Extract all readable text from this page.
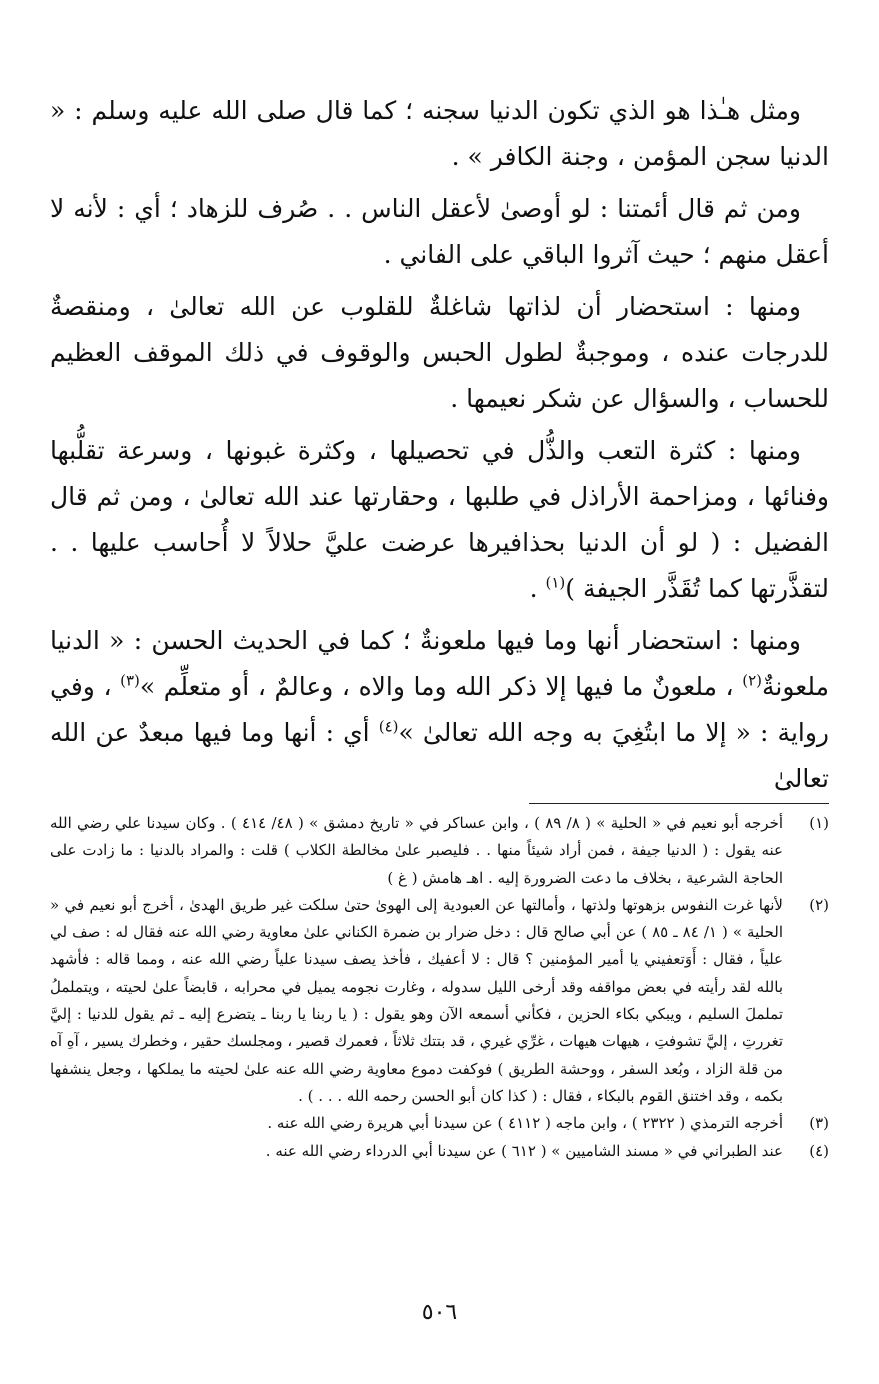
ومثل هـٰذا هو الذي تكون الدنيا سجنه ؛ كما قال صلى الله عليه وسلم : « الدنيا سجن المؤمن ، وجنة الكافر » .

ومن ثم قال أئمتنا : لو أوصىٰ لأعقل الناس . . صُرف للزهاد ؛ أي : لأنه لا أعقل منهم ؛ حيث آثروا الباقي على الفاني .

ومنها : استحضار أن لذاتها شاغلةٌ للقلوب عن الله تعالىٰ ، ومنقصةٌ للدرجات عنده ، وموجبةٌ لطول الحبس والوقوف في ذلك الموقف العظيم للحساب ، والسؤال عن شكر نعيمها .

ومنها : كثرة التعب والذُّل في تحصيلها ، وكثرة غبونها ، وسرعة تقلُّبها وفنائها ، ومزاحمة الأراذل في طلبها ، وحقارتها عند الله تعالىٰ ، ومن ثم قال الفضيل : ( لو أن الدنيا بحذافيرها عرضت عليَّ حلالاً لا أُحاسب عليها . . لتقذَّرتها كما تُقَذَّر الجيفة )$^{(١)}$ .

ومنها : استحضار أنها وما فيها ملعونةٌ ؛ كما في الحديث الحسن : « الدنيا ملعونةٌ$^{(٢)}$ ، ملعونٌ ما فيها إلا ذكر الله وما والاه ، وعالمٌ ، أو متعلِّم »$^{(٣)}$ ، وفي رواية : « إلا ما ابتُغِيَ به وجه الله تعالىٰ »$^{(٤)}$ أي : أنها وما فيها مبعدٌ عن الله تعالىٰ

(١)
أخرجه أبو نعيم في « الحلية » ( ٨/ ٨٩ ) ، وابن عساكر في « تاريخ دمشق » ( ٤٨/ ٤١٤ ) . وكان سيدنا علي رضي الله عنه يقول : ( الدنيا جيفة ، فمن أراد شيئاً منها . . فليصبر علىٰ مخالطة الكلاب ) قلت : والمراد بالدنيا : ما زادت على الحاجة الشرعية ، بخلاف ما دعت الضرورة إليه . اهـ هامش ( غ )
(٢)
لأنها غرت النفوس بزهوتها ولذتها ، وأمالتها عن العبودية إلى الهوىٰ حتىٰ سلكت غير طريق الهدىٰ ، أخرج أبو نعيم في « الحلية » ( ١/ ٨٤ ـ ٨٥ ) عن أبي صالح قال : دخل ضرار بن ضمرة الكناني علىٰ معاوية رضي الله عنه فقال له : صف لي علياً ، فقال : أَوَتعفيني يا أمير المؤمنين ؟ قال : لا أعفيك ، فأخذ يصف سيدنا علياً رضي الله عنه ، ومما قاله : فأشهد بالله لقد رأيته في بعض مواقفه وقد أرخى الليل سدوله ، وغارت نجومه يميل في محرابه ، قابضاً علىٰ لحيته ، ويتململُ تململَ السليم ، ويبكي بكاء الحزين ، فكأني أسمعه الآن وهو يقول : ( يا ربنا يا ربنا ـ يتضرع إليه ـ ثم يقول للدنيا : إليَّ تغررتِ ، إليَّ تشوفتِ ، هيهات هيهات ، غرِّي غيري ، قد بتتك ثلاثاً ، فعمرك قصير ، ومجلسك حقير ، وخطرك يسير ، آهِ آه من قلة الزاد ، وبُعد السفر ، ووحشة الطريق ) فوكفت دموع معاوية رضي الله عنه علىٰ لحيته ما يملكها ، وجعل ينشفها بكمه ، وقد اختنق القوم بالبكاء ، فقال : ( كذا كان أبو الحسن رحمه الله . . . ) .
(٣)
أخرجه الترمذي ( ٢٣٢٢ ) ، وابن ماجه ( ٤١١٢ ) عن سيدنا أبي هريرة رضي الله عنه .
(٤)
عند الطبراني في « مسند الشاميين » ( ٦١٢ ) عن سيدنا أبي الدرداء رضي الله عنه .
٥٠٦
